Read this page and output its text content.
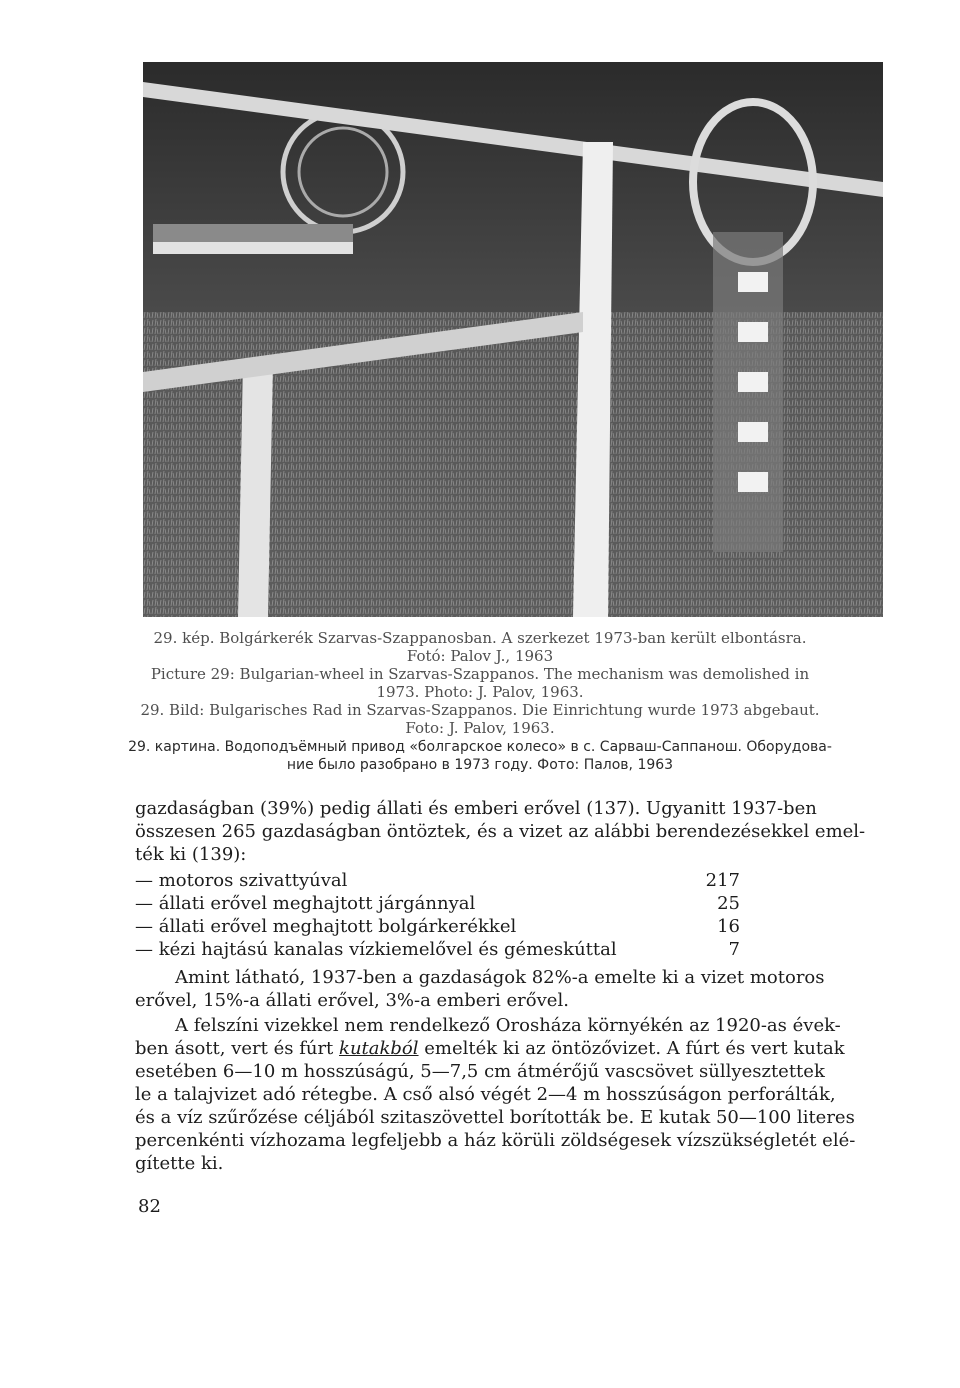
29. kép. Bolgárkerék Szarvas-Szappanosban. A szerkezet 1973-ban került elbontásra.
Fotó: Palov J., 1963
Picture 29: Bulgarian-wheel in Szarvas-Szappanos. The mechanism was demolished in
1973. Photo: J. Palov, 1963.
29. Bild: Bulgarisches Rad in Szarvas-Szappanos. Die Einrichtung wurde 1973 abgebaut.
Foto: J. Palov, 1963.
29. картина. Водоподъёмный привод «болгарское колесо» в с. Сарваш-Саппанош. Оборудова-
ние было разобрано в 1973 году. Фото: Палов, 1963
gazdaságban (39%) pedig állati és emberi erővel (137). Ugyanitt 1937-ben
összesen 265 gazdaságban öntöztek, és a vizet az alábbi berendezésekkel emel-
ték ki (139):
— motoros szivattyúval	217
— állati erővel meghajtott járgánnyal	25
— állati erővel meghajtott bolgárkerékkel	16
— kézi hajtású kanalas vízkiemelővel és gémeskúttal	7
Amint látható, 1937-ben a gazdaságok 82%-a emelte ki a vizet motoros
erővel, 15%-a állati erővel, 3%-a emberi erővel.
A felszíni vizekkel nem rendelkező Orosháza környékén az 1920-as évek-
ben ásott, vert és fúrt kutakból emelték ki az öntözővizet. A fúrt és vert kutak
esetében 6—10 m hosszúságú, 5—7,5 cm átmérőjű vascsövet süllyesztettek
le a talajvizet adó rétegbe. A cső alsó végét 2—4 m hosszúságon perforálták,
és a víz szűrőzése céljából szitaszövettel borították be. E kutak 50—100 literes
percenkénti vízhozama legfeljebb a ház körüli zöldségesek vízszükségletét elé-
gítette ki.
82
